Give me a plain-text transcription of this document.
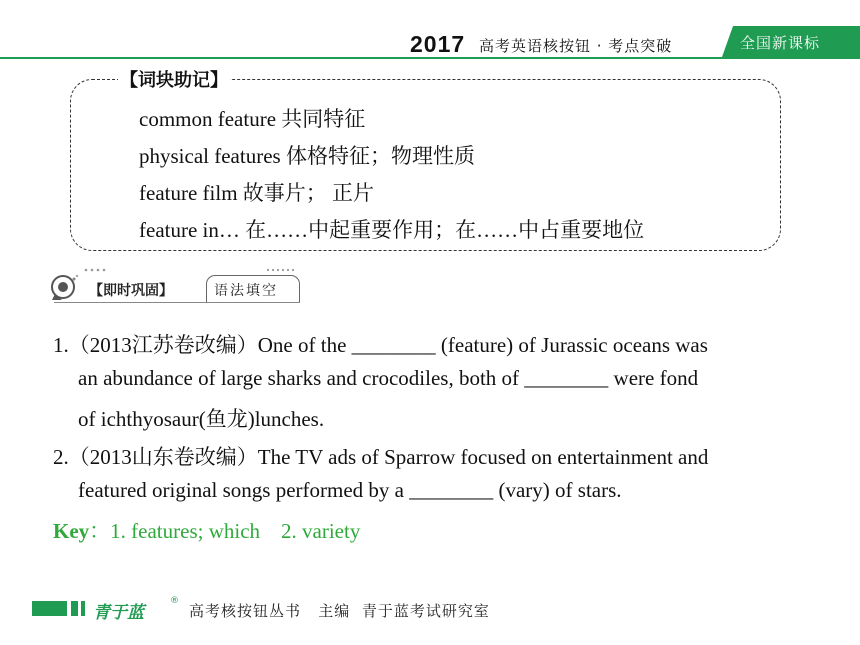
2017 高考英语核按钮 · 考点突破	全国新课标
【词块助记】
common feature 共同特征
physical features 体格特征；物理性质
feature film 故事片； 正片
feature in… 在……中起重要作用；在……中占重要地位
【即时巩固】	语法填空
1.（2013江苏卷改编）One of the ________ (feature) of Jurassic oceans was
an abundance of large sharks and crocodiles, both of ________ were fond
of ichthyosaur(鱼龙)lunches.
2.（2013山东卷改编）The TV ads of Sparrow focused on entertainment and
featured original songs performed by a ________ (vary) of stars.
Key：1. features; which    2. variety
青于蓝
®
高考核按钮丛书   主编  青于蓝考试研究室
